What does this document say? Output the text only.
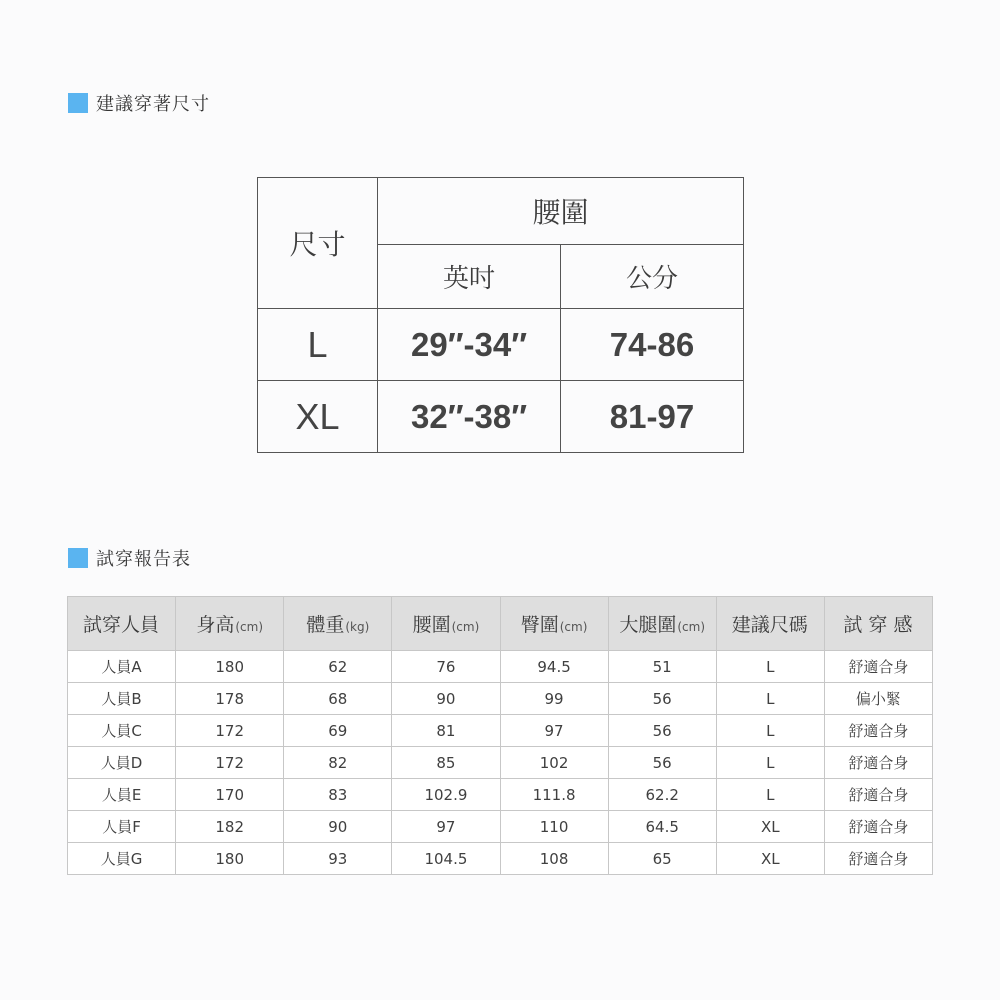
建議穿著尺寸
尺寸	腰圍	
	英吋	公分
L	29″-34″	74-86
XL	32″-38″	81-97
試穿報告表
試穿人員	身高(cm)	體重(kg)	腰圍(cm)	臀圍(cm)	大腿圍(cm)	建議尺碼	試 穿 感
人員A	180	62	76	94.5	51	L	舒適合身
人員B	178	68	90	99	56	L	偏小緊
人員C	172	69	81	97	56	L	舒適合身
人員D	172	82	85	102	56	L	舒適合身
人員E	170	83	102.9	111.8	62.2	L	舒適合身
人員F	182	90	97	110	64.5	XL	舒適合身
人員G	180	93	104.5	108	65	XL	舒適合身
